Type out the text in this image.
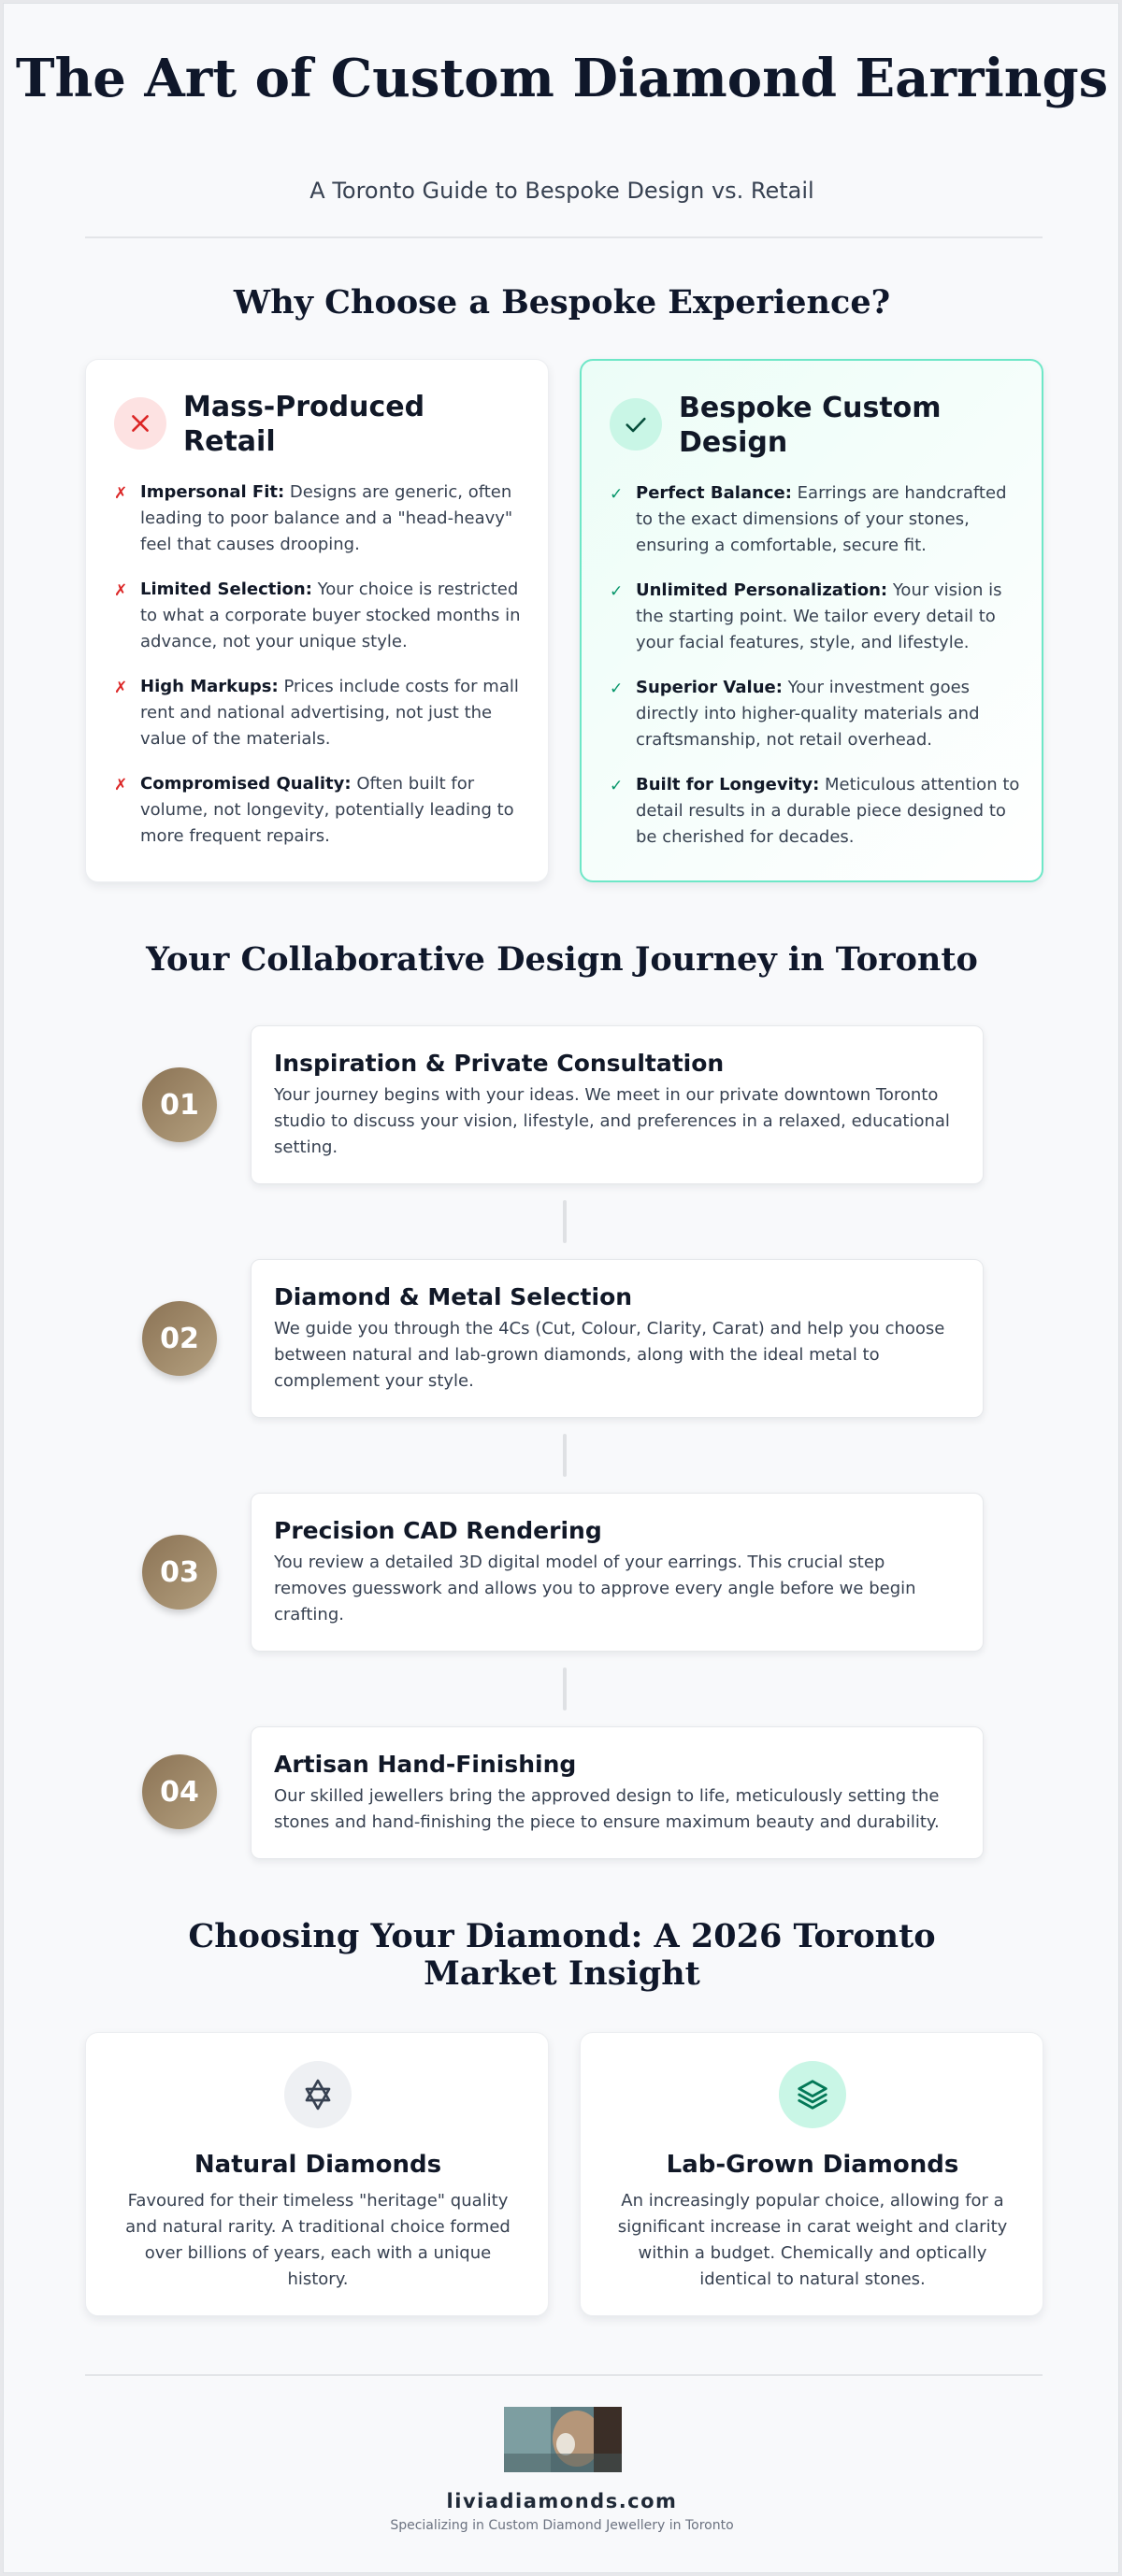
The Art of Custom Diamond Earrings
A Toronto Guide to Bespoke Design vs. Retail
Why Choose a Bespoke Experience?
Mass-Produced Retail
✗ Impersonal Fit: Designs are generic, often leading to poor balance and a "head-heavy" feel that causes drooping.
✗ Limited Selection: Your choice is restricted to what a corporate buyer stocked months in advance, not your unique style.
✗ High Markups: Prices include costs for mall rent and national advertising, not just the value of the materials.
✗ Compromised Quality: Often built for volume, not longevity, potentially leading to more frequent repairs.
Bespoke Custom Design
✓ Perfect Balance: Earrings are handcrafted to the exact dimensions of your stones, ensuring a comfortable, secure fit.
✓ Unlimited Personalization: Your vision is the starting point. We tailor every detail to your facial features, style, and lifestyle.
✓ Superior Value: Your investment goes directly into higher-quality materials and craftsmanship, not retail overhead.
✓ Built for Longevity: Meticulous attention to detail results in a durable piece designed to be cherished for decades.
Your Collaborative Design Journey in Toronto
01
Inspiration & Private Consultation
Your journey begins with your ideas. We meet in our private downtown Toronto studio to discuss your vision, lifestyle, and preferences in a relaxed, educational setting.
02
Diamond & Metal Selection
We guide you through the 4Cs (Cut, Colour, Clarity, Carat) and help you choose between natural and lab-grown diamonds, along with the ideal metal to complement your style.
03
Precision CAD Rendering
You review a detailed 3D digital model of your earrings. This crucial step removes guesswork and allows you to approve every angle before we begin crafting.
04
Artisan Hand-Finishing
Our skilled jewellers bring the approved design to life, meticulously setting the stones and hand-finishing the piece to ensure maximum beauty and durability.
Choosing Your Diamond: A 2026 Toronto Market Insight
Natural Diamonds
Favoured for their timeless "heritage" quality and natural rarity. A traditional choice formed over billions of years, each with a unique history.
Lab-Grown Diamonds
An increasingly popular choice, allowing for a significant increase in carat weight and clarity within a budget. Chemically and optically identical to natural stones.
liviadiamonds.com
Specializing in Custom Diamond Jewellery in Toronto
